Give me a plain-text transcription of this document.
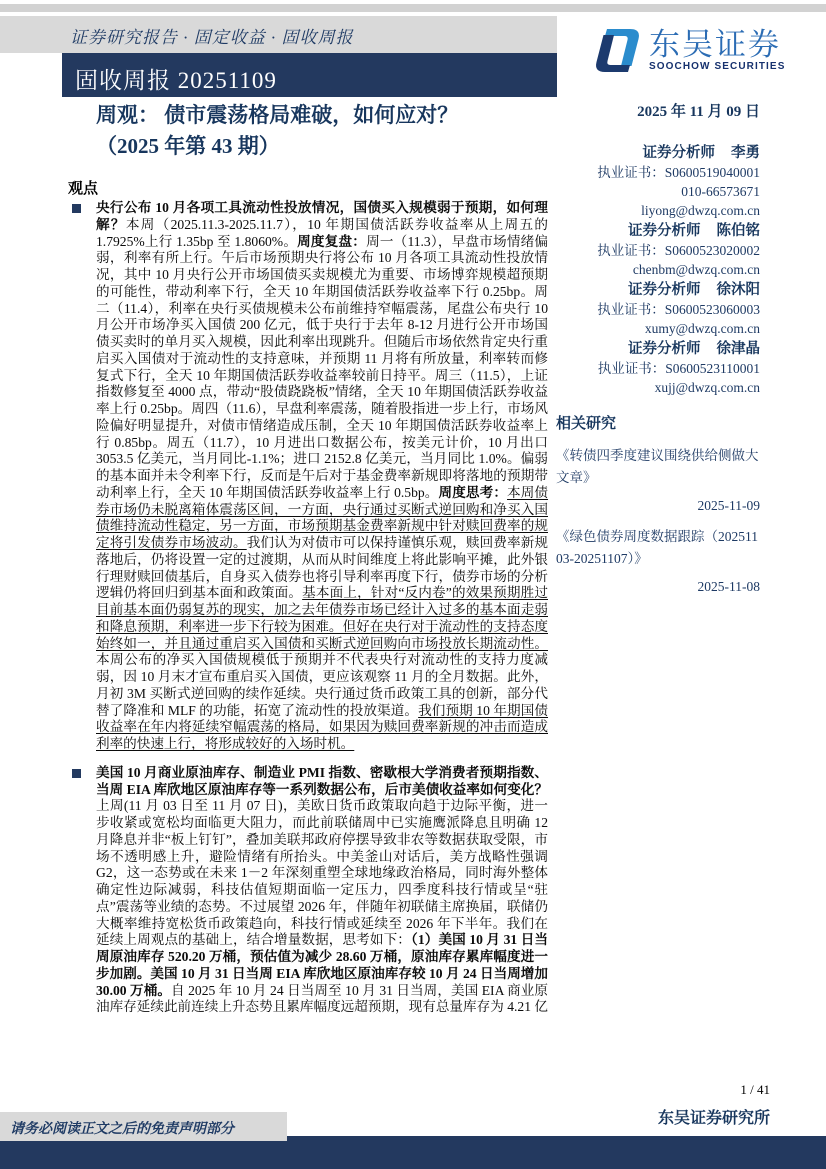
证券研究报告 · 固定收益 · 固收周报
固收周报 20251109
东吴证券
SOOCHOW SECURITIES
周观： 债市震荡格局难破，如何应对？
（2025 年第 43 期）
观点
央行公布 10 月各项工具流动性投放情况，国债买入规模弱于预期，如何理解？本周（2025.11.3-2025.11.7），10 年期国债活跃券收益率从上周五的 1.7925%上行 1.35bp 至 1.8060%。周度复盘：周一（11.3），早盘市场情绪偏弱，利率有所上行。午后市场预期央行将公布 10 月各项工具流动性投放情况，其中 10 月央行公开市场国债买卖规模尤为重要、市场博弈规模超预期的可能性，带动利率下行，全天 10 年期国债活跃券收益率下行 0.25bp。周二（11.4），利率在央行买债规模未公布前维持窄幅震荡，尾盘公布央行 10 月公开市场净买入国债 200 亿元，低于央行于去年 8-12 月进行公开市场国债买卖时的单月买入规模，因此利率出现跳升。但随后市场依然肯定央行重启买入国债对于流动性的支持意味，并预期 11 月将有所放量，利率转而修复式下行，全天 10 年期国债活跃券收益率较前日持平。周三（11.5），上证指数修复至 4000 点，带动“股债跷跷板”情绪，全天 10 年期国债活跃券收益率上行 0.25bp。周四（11.6），早盘利率震荡，随着股指进一步上行，市场风险偏好明显提升，对债市情绪造成压制，全天 10 年期国债活跃券收益率上行 0.85bp。周五（11.7），10 月进出口数据公布，按美元计价，10 月出口 3053.5 亿美元，当月同比-1.1%；进口 2152.8 亿美元，当月同比 1.0%。偏弱的基本面并未令利率下行，反而是午后对于基金费率新规即将落地的预期带动利率上行，全天 10 年期国债活跃券收益率上行 0.5bp。周度思考：本周债券市场仍未脱离箱体震荡区间，一方面，央行通过买断式逆回购和净买入国债维持流动性稳定，另一方面，市场预期基金费率新规中针对赎回费率的规定将引发债券市场波动。我们认为对债市可以保持谨慎乐观，赎回费率新规落地后，仍将设置一定的过渡期，从而从时间维度上将此影响平摊，此外银行理财赎回债基后，自身买入债券也将引导利率再度下行，债券市场的分析逻辑仍将回归到基本面和政策面。基本面上，针对“反内卷”的效果预期胜过目前基本面仍弱复苏的现实，加之去年债券市场已经计入过多的基本面走弱和降息预期，利率进一步下行较为困难。但好在央行对于流动性的支持态度始终如一，并且通过重启买入国债和买断式逆回购向市场投放长期流动性。本周公布的净买入国债规模低于预期并不代表央行对流动性的支持力度减弱，因 10 月末才宣布重启买入国债，更应该观察 11 月的全月数据。此外，月初 3M 买断式逆回购的续作延续。央行通过货币政策工具的创新，部分代替了降准和 MLF 的功能，拓宽了流动性的投放渠道。我们预期 10 年期国债收益率在年内将延续窄幅震荡的格局，如果因为赎回费率新规的冲击而造成利率的快速上行，将形成较好的入场时机。
美国 10 月商业原油库存、制造业 PMI 指数、密歇根大学消费者预期指数、当周 EIA 库欣地区原油库存等一系列数据公布，后市美债收益率如何变化？上周(11 月 03 日至 11 月 07 日)，美欧日货币政策取向趋于边际平衡，进一步收紧或宽松均面临更大阻力，而此前联储周中已实施鹰派降息且明确 12 月降息并非“板上钉钉”，叠加美联邦政府停摆导致非农等数据获取受限，市场不透明感上升，避险情绪有所抬头。中美釜山对话后，美方战略性强调 G2，这一态势或在未来 1－2 年深刻重塑全球地缘政治格局，同时海外整体确定性边际减弱，科技估值短期面临一定压力，四季度科技行情或呈“驻点”震荡等业绩的态势。不过展望 2026 年，伴随年初联储主席换届，联储仍大概率维持宽松货币政策趋向，科技行情或延续至 2026 年下半年。我们在延续上周观点的基础上，结合增量数据，思考如下：（1）美国 10 月 31 日当周原油库存 520.20 万桶，预估值为减少 28.60 万桶，原油库存累库幅度进一步加剧。美国 10 月 31 日当周 EIA 库欣地区原油库存较 10 月 24 日当周增加 30.00 万桶。自 2025 年 10 月 24 日当周至 10 月 31 日当周，美国 EIA 商业原油库存延续此前连续上升态势且累库幅度远超预期，现有总量库存为 4.21 亿
2025 年 11 月 09 日
证券分析师 李勇
执业证书：S0600519040001
010-66573671
liyong@dwzq.com.cn
证券分析师 陈伯铭
执业证书：S0600523020002
chenbm@dwzq.com.cn
证券分析师 徐沐阳
执业证书：S0600523060003
xumy@dwzq.com.cn
证券分析师 徐津晶
执业证书：S0600523110001
xujj@dwzq.com.cn
相关研究
《转债四季度建议围绕供给侧做大文章》
2025-11-09
《绿色债券周度数据跟踪（20251103-20251107）》
2025-11-08
1 / 41
东吴证券研究所
请务必阅读正文之后的免责声明部分
